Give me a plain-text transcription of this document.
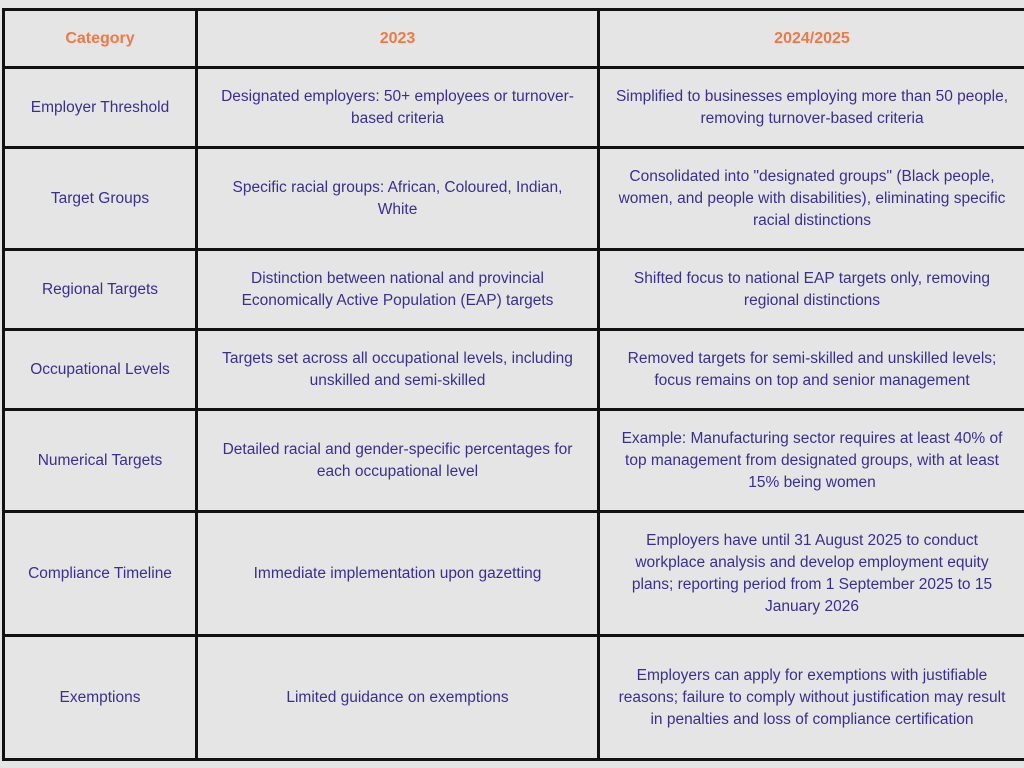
Category	2023	2024/2025
Employer Threshold	Designated employers: 50+ employees or turnover-based criteria	Simplified to businesses employing more than 50 people, removing turnover-based criteria
Target Groups	Specific racial groups: African, Coloured, Indian, White	Consolidated into "designated groups" (Black people, women, and people with disabilities), eliminating specific racial distinctions
Regional Targets	Distinction between national and provincial Economically Active Population (EAP) targets	Shifted focus to national EAP targets only, removing regional distinctions
Occupational Levels	Targets set across all occupational levels, including unskilled and semi-skilled	Removed targets for semi-skilled and unskilled levels; focus remains on top and senior management
Numerical Targets	Detailed racial and gender-specific percentages for each occupational level	Example: Manufacturing sector requires at least 40% of top management from designated groups, with at least 15% being women
Compliance Timeline	Immediate implementation upon gazetting	Employers have until 31 August 2025 to conduct workplace analysis and develop employment equity plans; reporting period from 1 September 2025 to 15 January 2026
Exemptions	Limited guidance on exemptions	Employers can apply for exemptions with justifiable reasons; failure to comply without justification may result in penalties and loss of compliance certification
